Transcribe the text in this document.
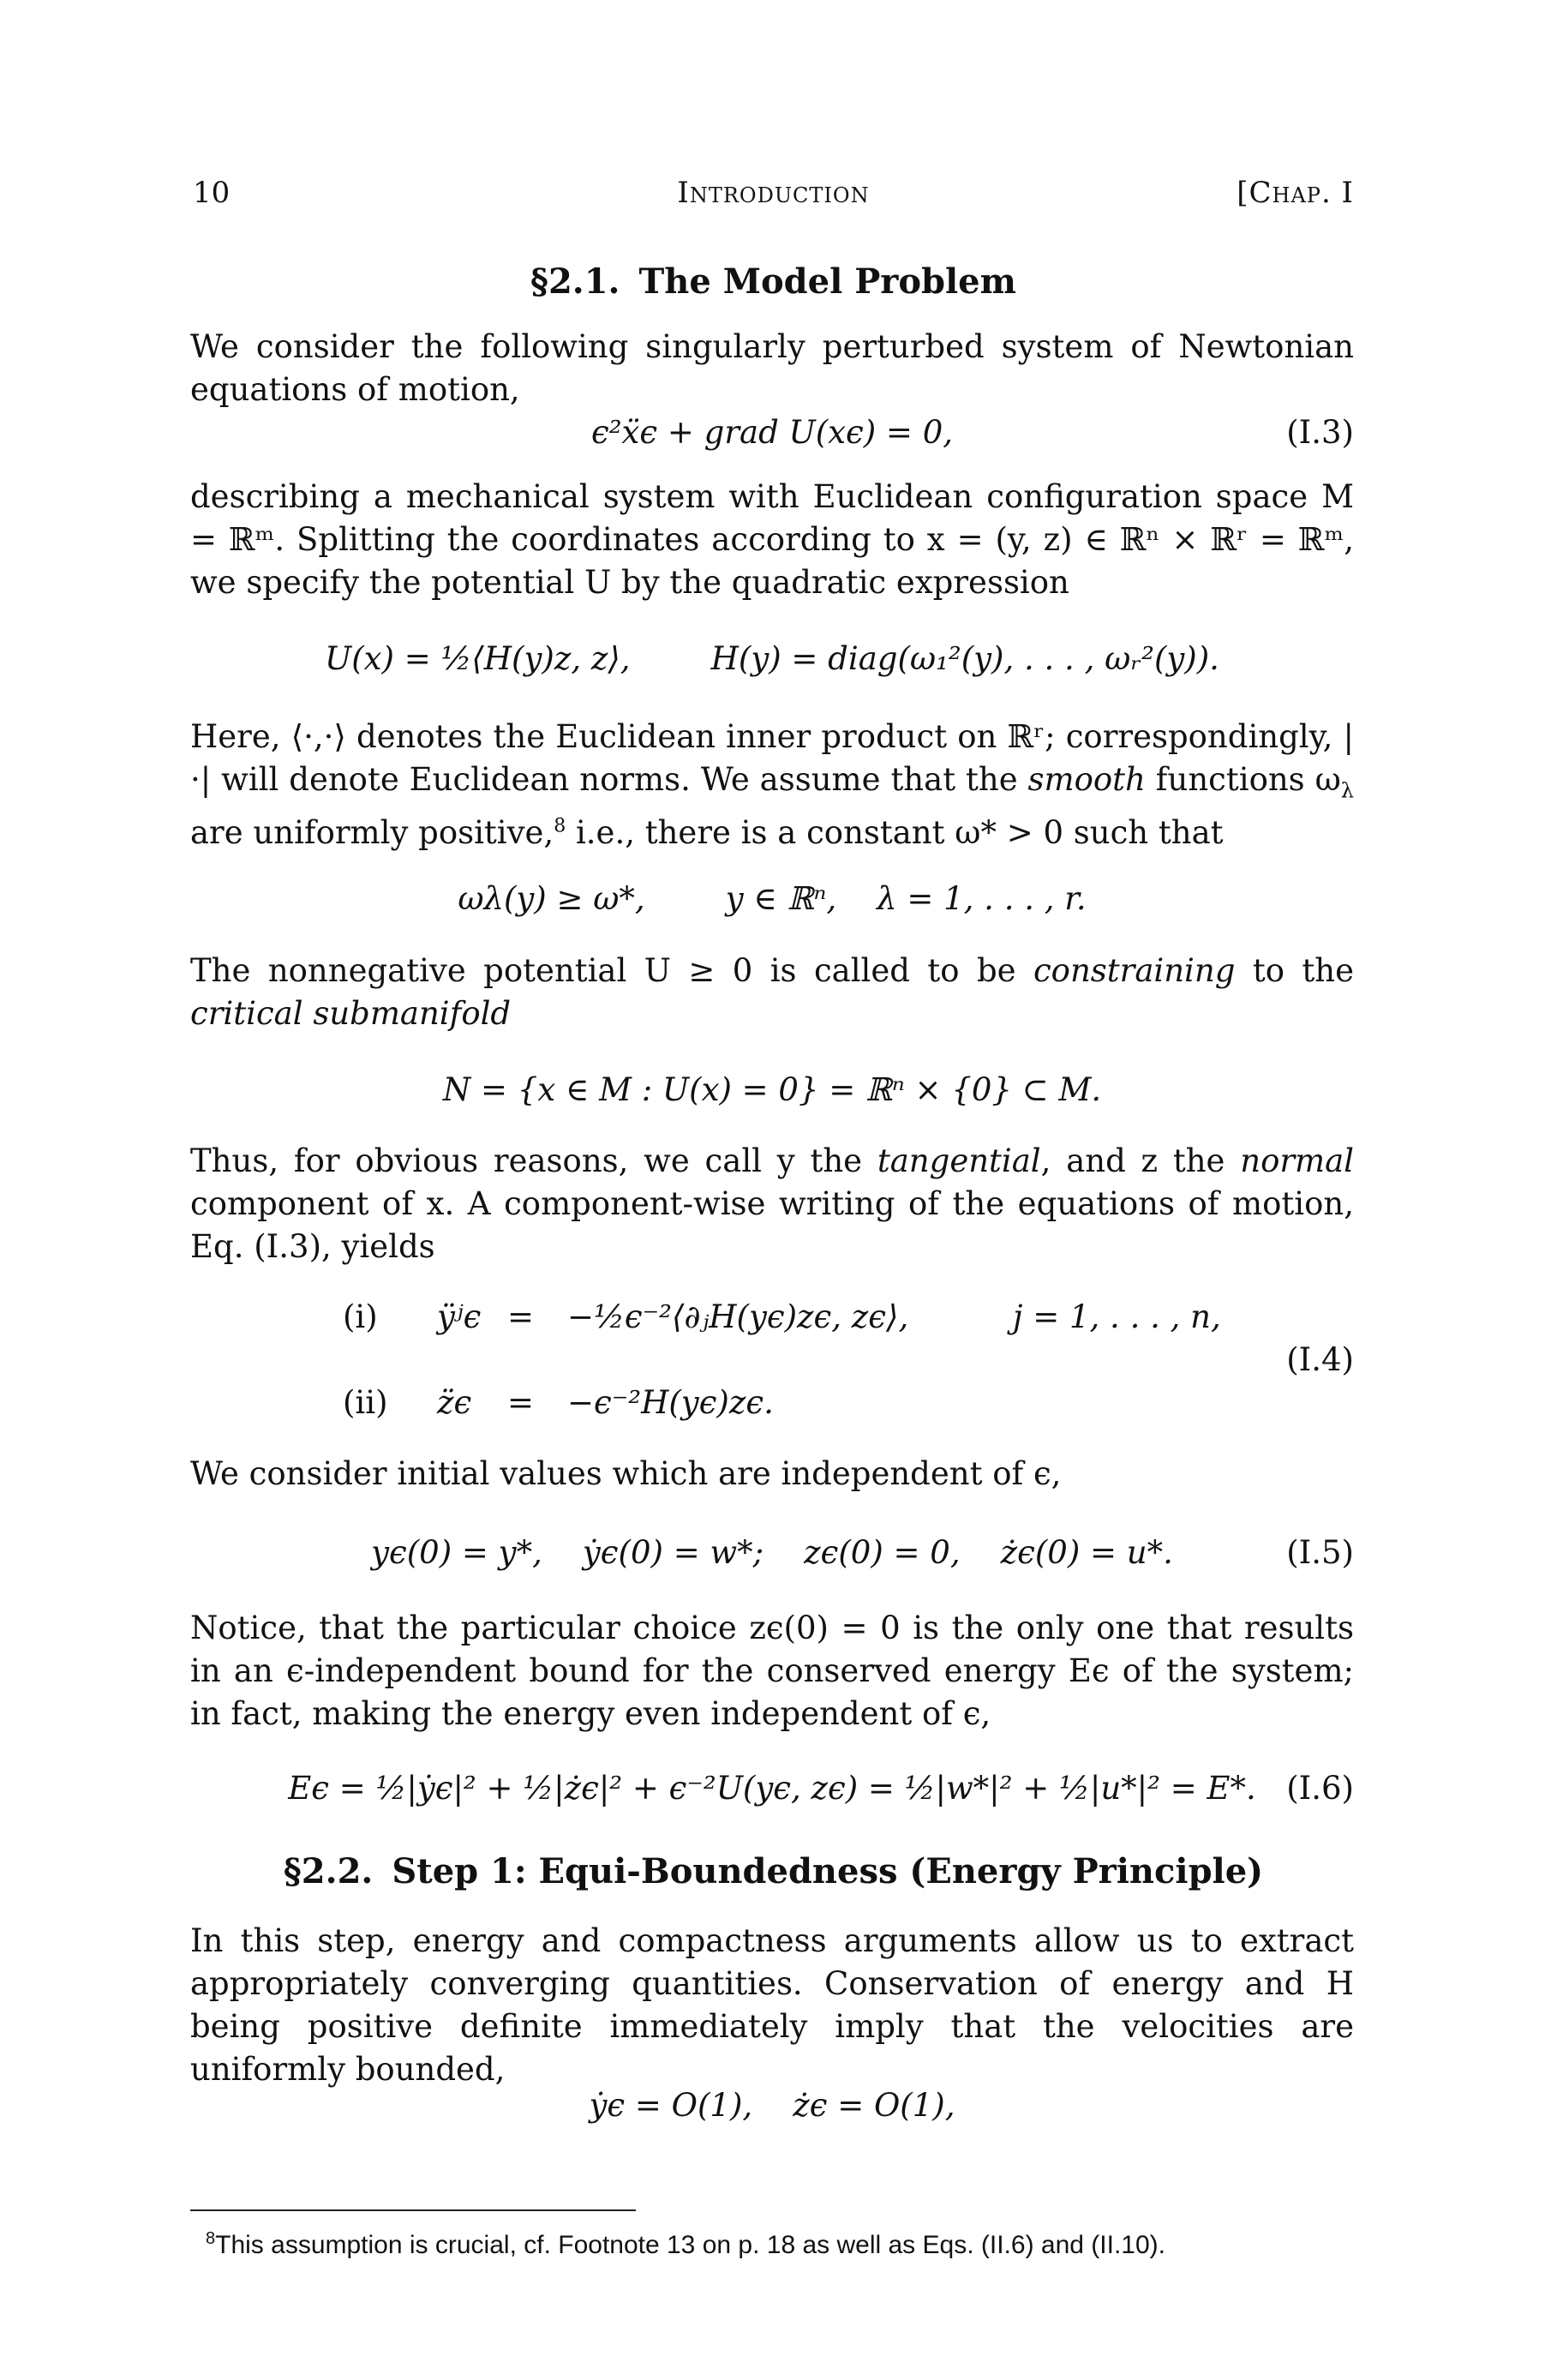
10	Introduction	[Chap. I
§2.1. The Model Problem

We consider the following singularly perturbed system of Newtonian equations of motion,

ϵ²ẍϵ + grad U(xϵ) = 0,	(I.3)

describing a mechanical system with Euclidean configuration space M = ℝᵐ. Splitting the coordinates according to x = (y, z) ∈ ℝⁿ × ℝʳ = ℝᵐ, we specify the potential U by the quadratic expression

U(x) = ½⟨H(y)z, z⟩,        H(y) = diag(ω₁²(y), . . . , ωᵣ²(y)).

Here, ⟨·,·⟩ denotes the Euclidean inner product on ℝʳ; correspondingly, |·| will denote Euclidean norms. We assume that the smooth functions $\omega_\lambda$ are uniformly positive,$^8$ i.e., there is a constant ω* > 0 such that

ωλ(y) ≥ ω*,        y ∈ ℝⁿ,    λ = 1, . . . , r.

The nonnegative potential U ≥ 0 is called to be constraining to the critical submanifold

N = {x ∈ M : U(x) = 0} = ℝⁿ × {0} ⊂ M.

Thus, for obvious reasons, we call y the tangential, and z the normal component of x. A component-wise writing of the equations of motion, Eq. (I.3), yields

(i) ÿʲϵ = −½ϵ⁻²⟨∂ⱼH(yϵ)zϵ, zϵ⟩,	j = 1, . . . , n,
(ii) z̈ϵ = −ϵ⁻²H(yϵ)zϵ.
(I.4)

We consider initial values which are independent of ϵ,

yϵ(0) = y*,    ẏϵ(0) = w*;    zϵ(0) = 0,    żϵ(0) = u*.	(I.5)

Notice, that the particular choice zϵ(0) = 0 is the only one that results in an ϵ-independent bound for the conserved energy Eϵ of the system; in fact, making the energy even independent of ϵ,

Eϵ = ½|ẏϵ|² + ½|żϵ|² + ϵ⁻²U(yϵ, zϵ) = ½|w*|² + ½|u*|² = E*. (I.6)
§2.2. Step 1: Equi-Boundedness (Energy Principle)

In this step, energy and compactness arguments allow us to extract appropriately converging quantities. Conservation of energy and H being positive definite immediately imply that the velocities are uniformly bounded,

ẏϵ = O(1),    żϵ = O(1),
$^8$This assumption is crucial, cf. Footnote 13 on p. 18 as well as Eqs. (II.6) and (II.10).
